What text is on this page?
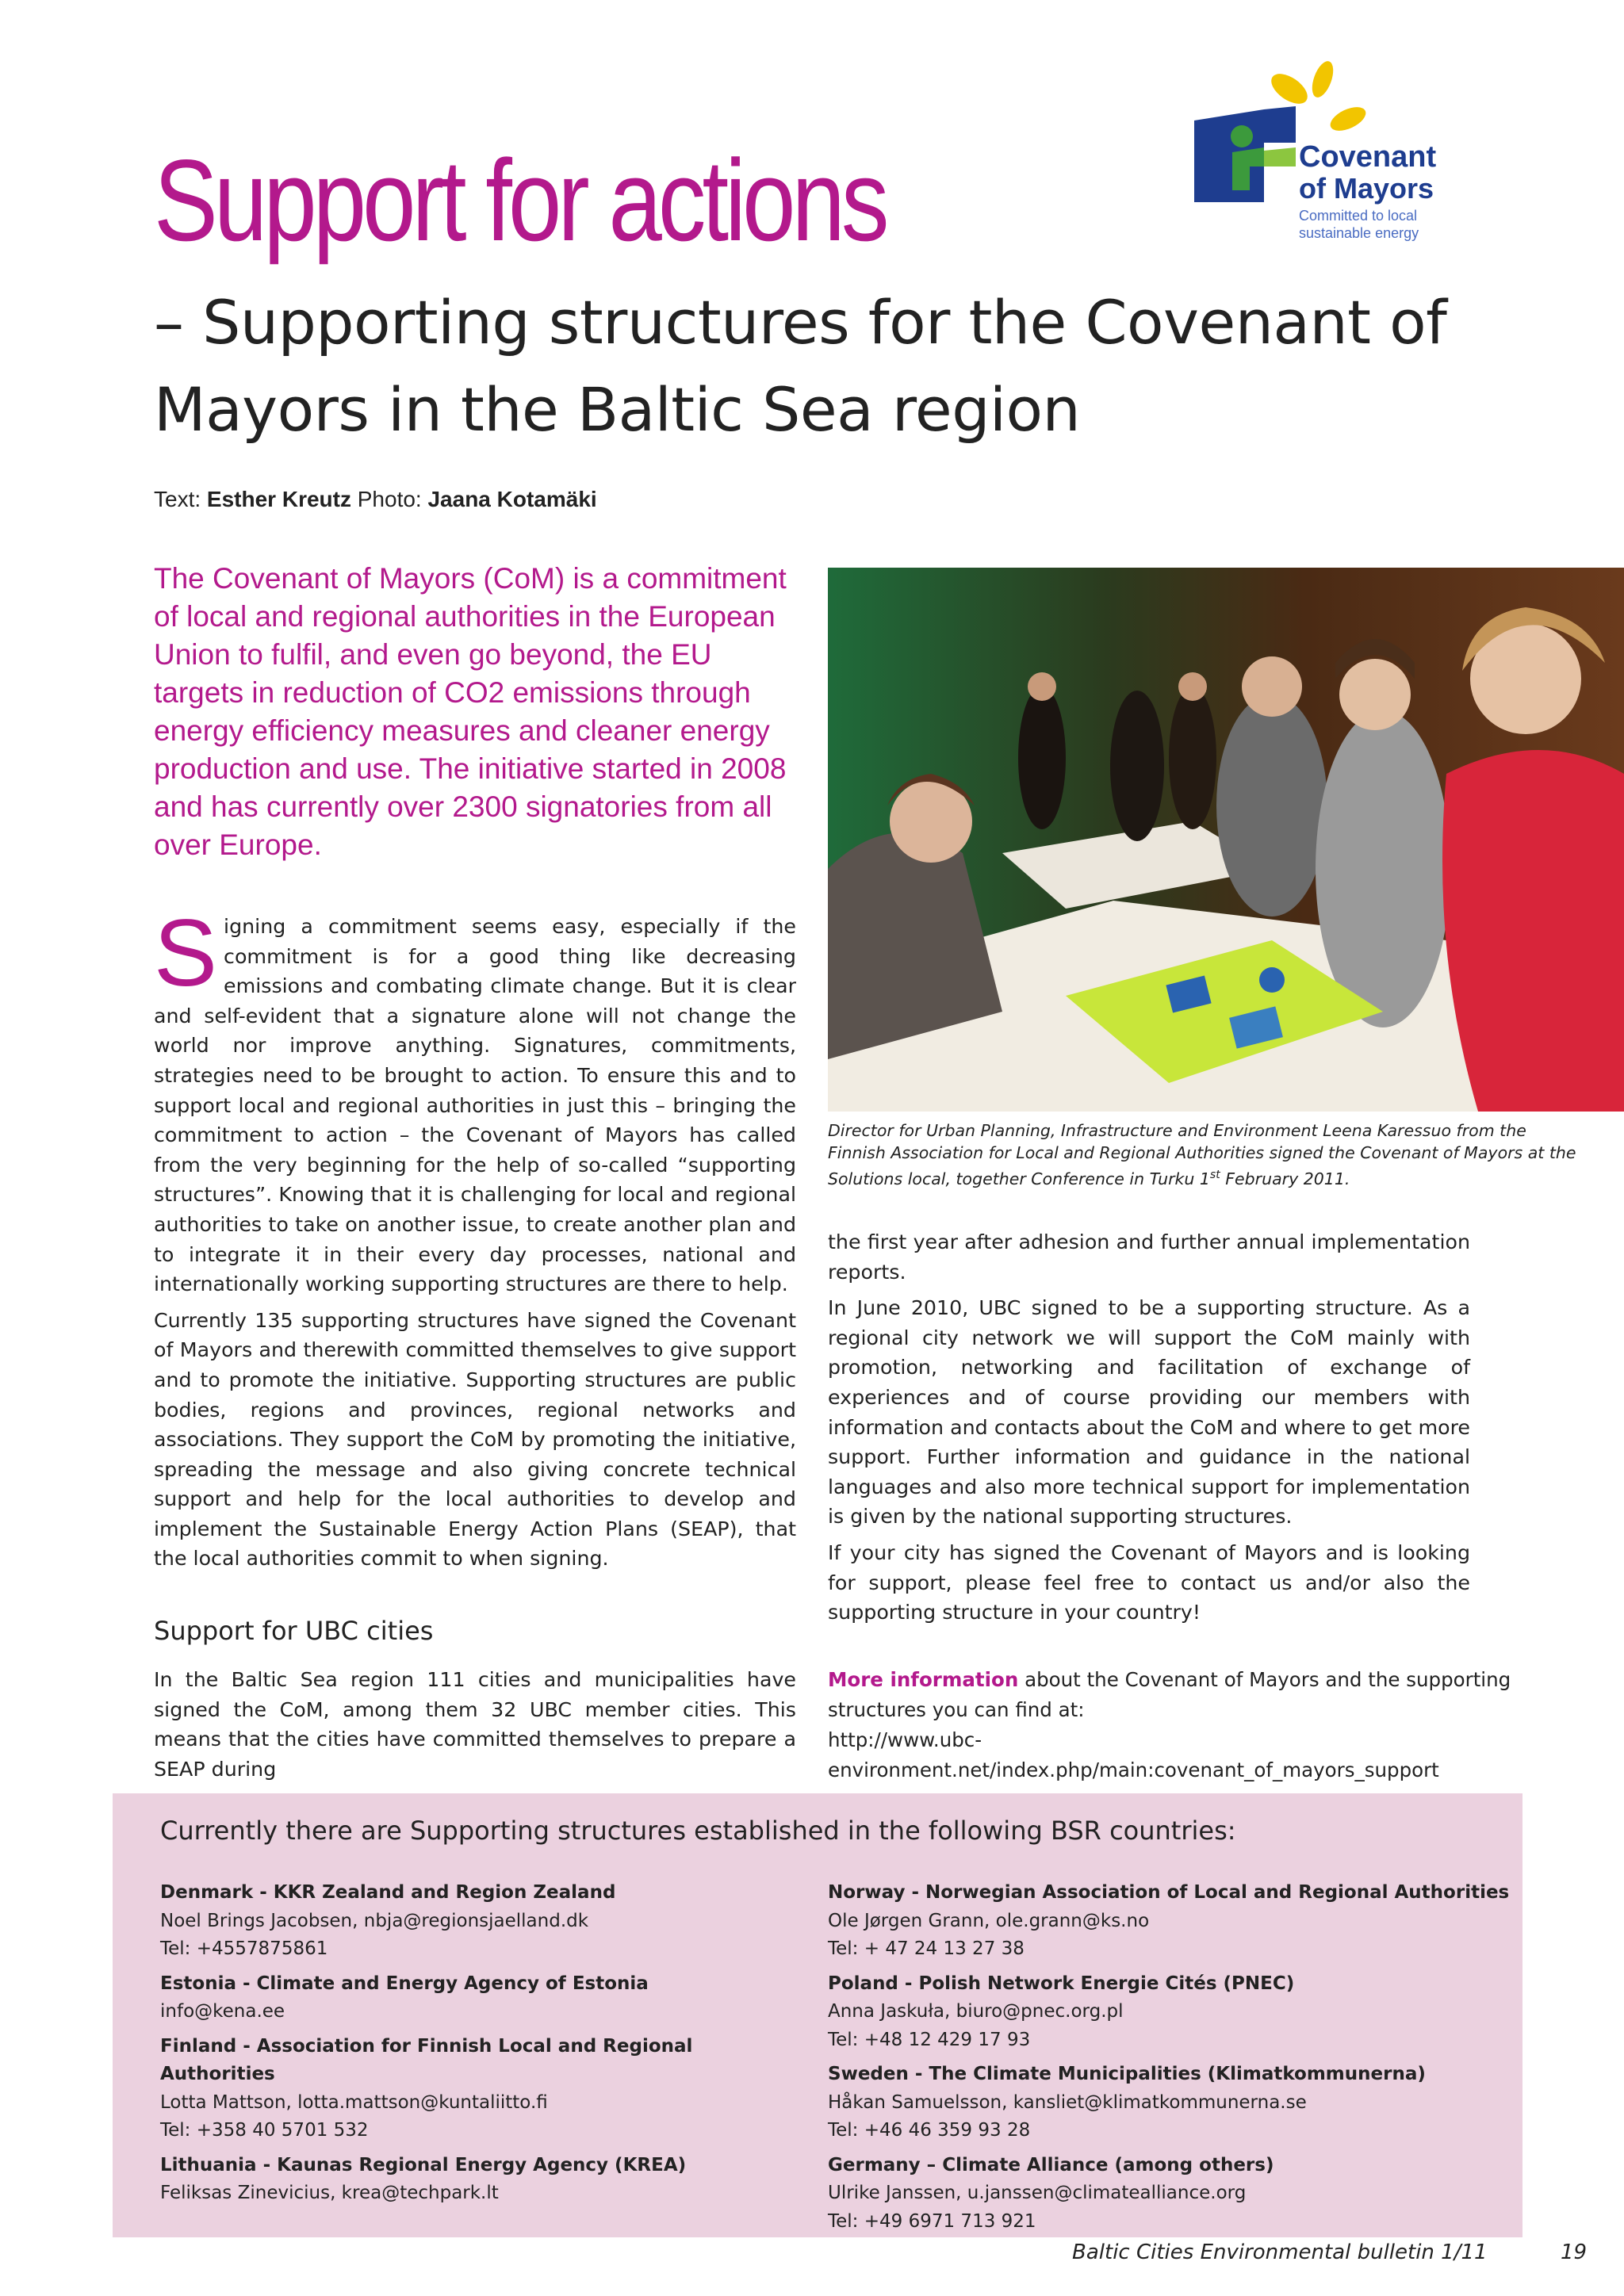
Support for actions
– Supporting structures for the Covenant of Mayors in the Baltic Sea region
Text: Esther Kreutz Photo: Jaana Kotamäki
Covenant
of Mayors
Committed to local
sustainable energy

The Covenant of Mayors (CoM) is a commitment of local and regional authorities in the European Union to fulfil, and even go beyond, the EU targets in reduction of CO2 emissions through energy efficiency measures and cleaner energy production and use. The initiative started in 2008 and has currently over 2300 signatories from all over Europe.

Director for Urban Planning, Infrastructure and Environment Leena Karessuo from the Finnish Association for Local and Regional Authorities signed the Covenant of Mayors at the Solutions local, together Conference in Turku 1st February 2011.

Signing a commitment seems easy, especially if the commitment is for a good thing like decreasing emissions and combating climate change. But it is clear and self-evident that a signature alone will not change the world nor improve anything. Signatures, commitments, strategies need to be brought to action. To ensure this and to support local and regional authorities in just this – bringing the commitment to action – the Covenant of Mayors has called from the very beginning for the help of so-called “supporting structures”. Knowing that it is challenging for local and regional authorities to take on another issue, to create another plan and to integrate it in their every day processes, national and internationally working supporting structures are there to help.

Currently 135 supporting structures have signed the Covenant of Mayors and therewith committed themselves to give support and to promote the initiative. Supporting structures are public bodies, regions and provinces, regional networks and associations. They support the CoM by promoting the initiative, spreading the message and also giving concrete technical support and help for the local authorities to develop and implement the Sustainable Energy Action Plans (SEAP), that the local authorities commit to when signing.

Support for UBC cities

In the Baltic Sea region 111 cities and municipalities have signed the CoM, among them 32 UBC member cities. This means that the cities have committed themselves to prepare a SEAP during

the first year after adhesion and further annual implementation reports.

In June 2010, UBC signed to be a supporting structure. As a regional city network we will support the CoM mainly with promotion, networking and facilitation of exchange of experiences and of course providing our members with information and contacts about the CoM and where to get more support. Further information and guidance in the national languages and also more technical support for implementation is given by the national supporting structures.

If your city has signed the Covenant of Mayors and is looking for support, please feel free to contact us and/or also the supporting structure in your country!

More information about the Covenant of Mayors and the supporting structures you can find at:
http://www.ubc-environment.net/index.php/main:covenant_of_mayors_support

Currently there are Supporting structures established in the following BSR countries:
Denmark - KKR Zealand and Region Zealand
Noel Brings Jacobsen, nbja@regionsjaelland.dk
Tel: +4557875861
Estonia - Climate and Energy Agency of Estonia
info@kena.ee
Finland - Association for Finnish Local and Regional Authorities
Lotta Mattson, lotta.mattson@kuntaliitto.fi
Tel: +358 40 5701 532
Lithuania - Kaunas Regional Energy Agency (KREA)
Feliksas Zinevicius, krea@techpark.lt
Norway - Norwegian Association of Local and Regional Authorities
Ole Jørgen Grann, ole.grann@ks.no
Tel: + 47 24 13 27 38
Poland - Polish Network Energie Cités (PNEC)
Anna Jaskuła, biuro@pnec.org.pl
Tel: +48 12 429 17 93
Sweden - The Climate Municipalities (Klimatkommunerna)
Håkan Samuelsson, kansliet@klimatkommunerna.se
Tel: +46 46 359 93 28
Germany – Climate Alliance (among others)
Ulrike Janssen, u.janssen@climatealliance.org
Tel: +49 6971 713 921
Baltic Cities Environmental bulletin 1/11	19
